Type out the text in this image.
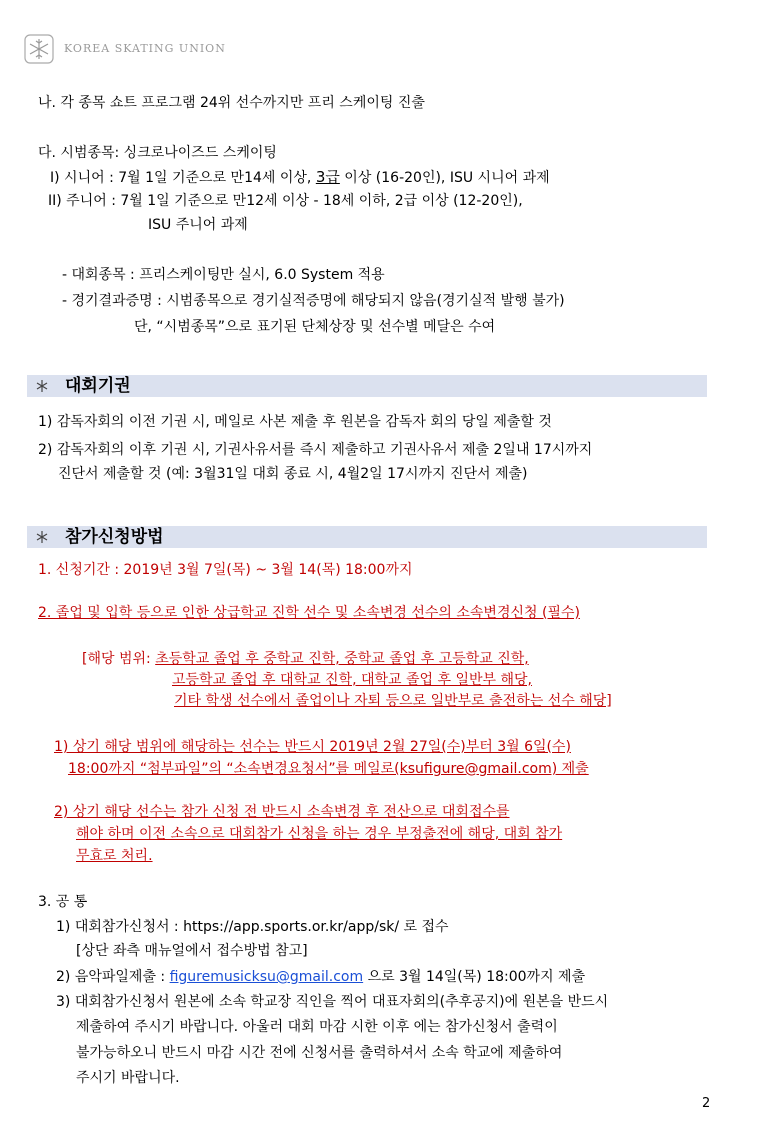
KOREA SKATING UNION
나. 각 종목 쇼트 프로그램 24위 선수까지만 프리 스케이팅 진출
다. 시범종목: 싱크로나이즈드 스케이팅
I) 시니어 : 7월 1일 기준으로 만14세 이상, 3급 이상 (16-20인), ISU 시니어 과제
II) 주니어 : 7월 1일 기준으로 만12세 이상 - 18세 이하, 2급 이상 (12-20인),
ISU 주니어 과제
- 대회종목 : 프리스케이팅만 실시, 6.0 System 적용
- 경기결과증명 : 시범종목으로 경기실적증명에 해당되지 않음(경기실적 발행 불가)
단, “시범종목”으로 표기된 단체상장 및 선수별 메달은 수여
대회기권
1) 감독자회의 이전 기권 시, 메일로 사본 제출 후 원본을 감독자 회의 당일 제출할 것
2) 감독자회의 이후 기권 시, 기권사유서를 즉시 제출하고 기권사유서 제출 2일내 17시까지
진단서 제출할 것 (예: 3월31일 대회 종료 시, 4월2일 17시까지 진단서 제출)
참가신청방법
1. 신청기간 : 2019년 3월 7일(목) ~ 3월 14(목) 18:00까지
2. 졸업 및 입학 등으로 인한 상급학교 진학 선수 및 소속변경 선수의 소속변경신청 (필수)
[해당 범위: 초등학교 졸업 후 중학교 진학, 중학교 졸업 후 고등학교 진학,
고등학교 졸업 후 대학교 진학, 대학교 졸업 후 일반부 해당,
기타 학생 선수에서 졸업이나 자퇴 등으로 일반부로 출전하는 선수 해당]
1) 상기 해당 범위에 해당하는 선수는 반드시 2019년 2월 27일(수)부터 3월 6일(수)
18:00까지 “첨부파일”의 “소속변경요청서”를 메일로(ksufigure@gmail.com) 제출
2) 상기 해당 선수는 참가 신청 전 반드시 소속변경 후 전산으로 대회접수를
해야 하며 이전 소속으로 대회참가 신청을 하는 경우 부정출전에 해당, 대회 참가
무효로 처리.
3. 공 통
1) 대회참가신청서 : https://app.sports.or.kr/app/sk/ 로 접수
[상단 좌측 매뉴얼에서 접수방법 참고]
2) 음악파일제출 : figuremusicksu@gmail.com 으로 3월 14일(목) 18:00까지 제출
3) 대회참가신청서 원본에 소속 학교장 직인을 찍어 대표자회의(추후공지)에 원본을 반드시
제출하여 주시기 바랍니다. 아울러 대회 마감 시한 이후 에는 참가신청서 출력이
불가능하오니 반드시 마감 시간 전에 신청서를 출력하셔서 소속 학교에 제출하여
주시기 바랍니다.
2
